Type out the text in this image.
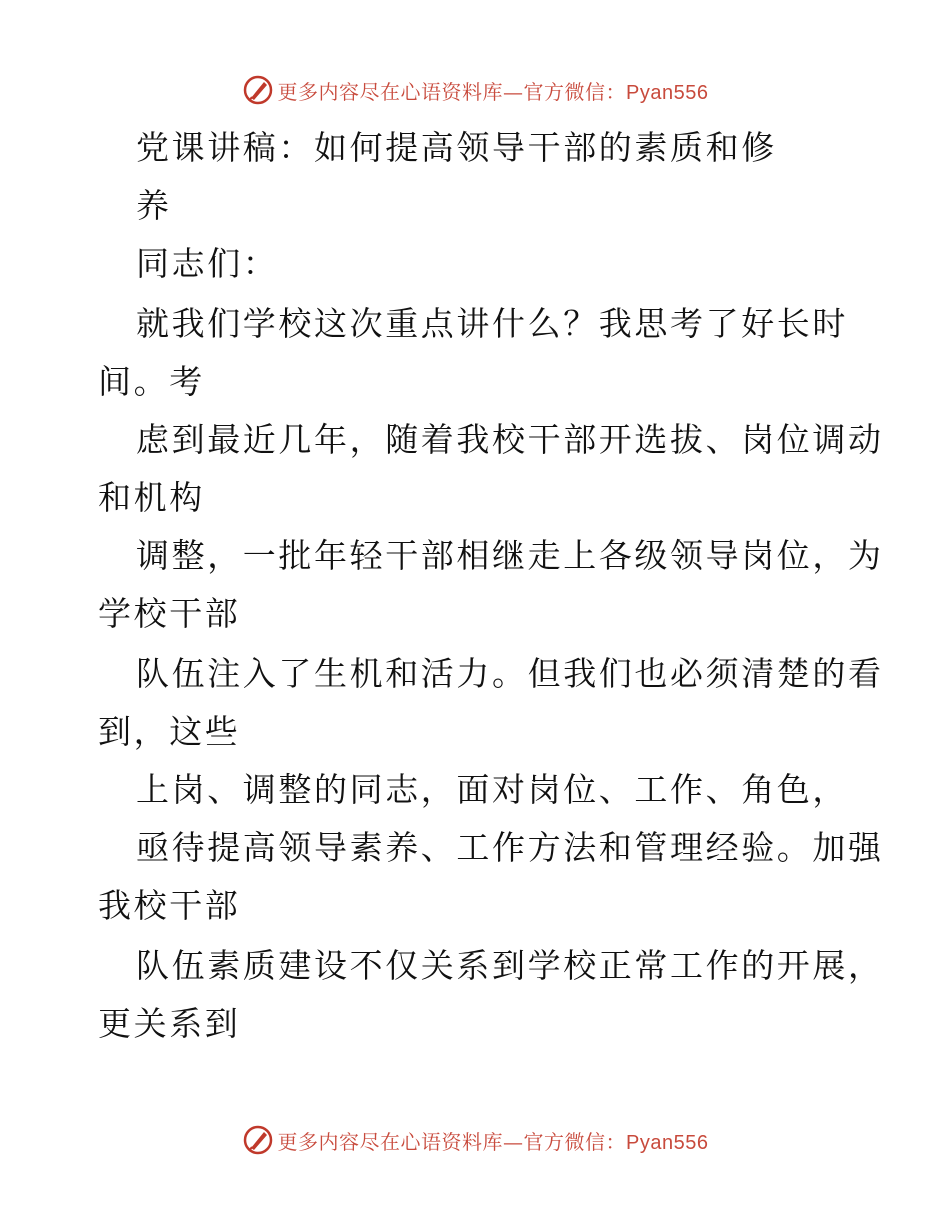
更多内容尽在心语资料库—官方微信：Pyan556
党课讲稿：如何提高领导干部的素质和修
养
同志们：
就我们学校这次重点讲什么？我思考了好长时
间。考
虑到最近几年，随着我校干部开选拔、岗位调动
和机构
调整，一批年轻干部相继走上各级领导岗位，为
学校干部
队伍注入了生机和活力。但我们也必须清楚的看
到，这些
上岗、调整的同志，面对岗位、工作、角色，
亟待提高领导素养、工作方法和管理经验。加强
我校干部
队伍素质建设不仅关系到学校正常工作的开展，
更关系到
更多内容尽在心语资料库—官方微信：Pyan556
